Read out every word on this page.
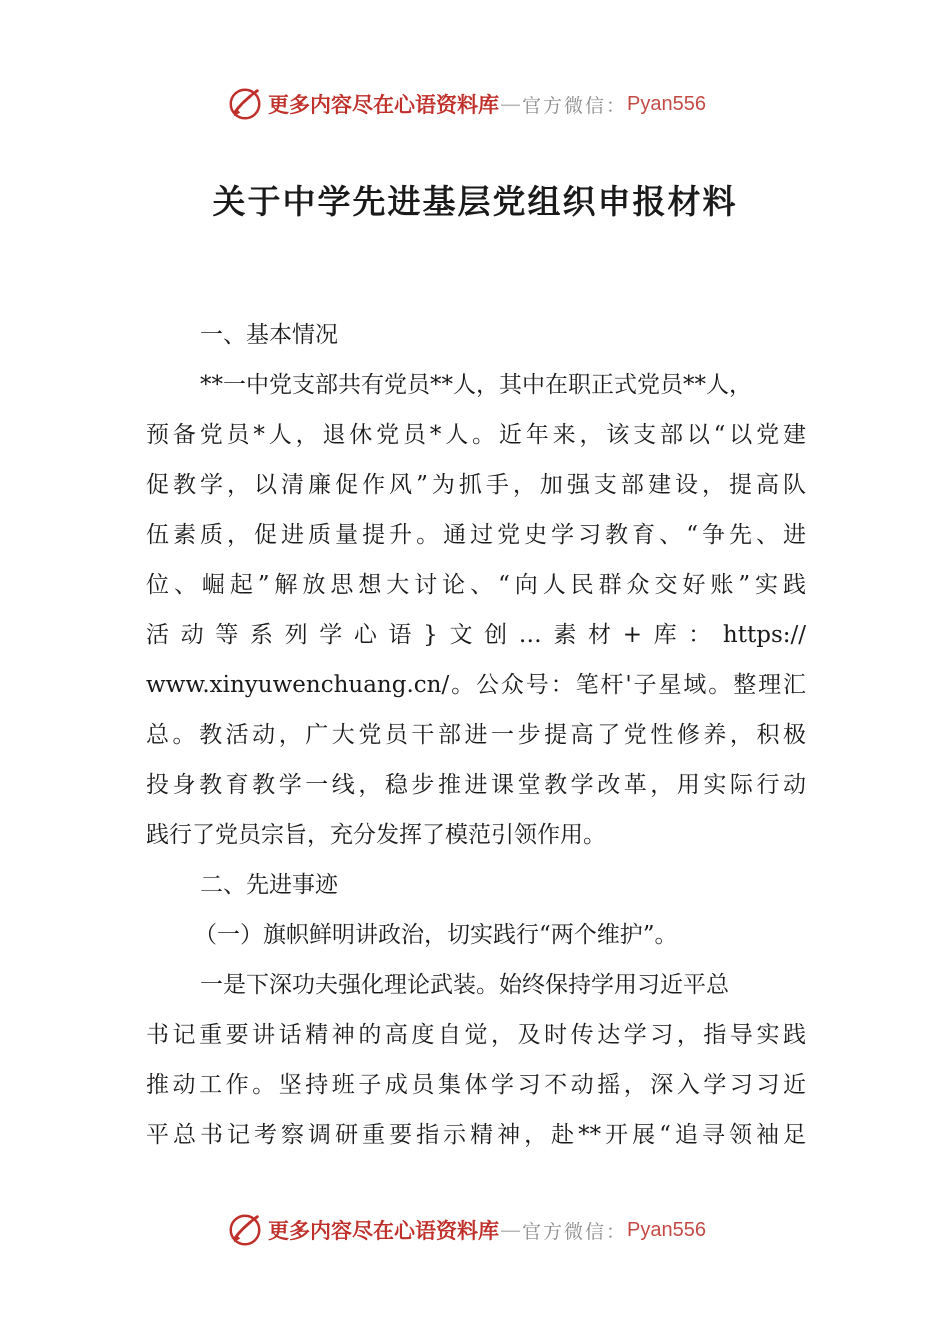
更多内容尽在心语资料库 — 官方微信： Pyan556
关于中学先进基层党组织申报材料
一、基本情况
**一中党支部共有党员**人，其中在职正式党员**人，
预备党员*人，退休党员*人。近年来，该支部以“以党建
促教学，以清廉促作风”为抓手，加强支部建设，提高队
伍素质，促进质量提升。通过党史学习教育、“争先、进
位、崛起”解放思想大讨论、“向人民群众交好账”实践
活动等系列学心语}文创…素材+库：https://
www.xinyuwenchuang.cn/。公众号：笔杆'子星域。整理汇
总。教活动，广大党员干部进一步提高了党性修养，积极
投身教育教学一线，稳步推进课堂教学改革，用实际行动
践行了党员宗旨，充分发挥了模范引领作用。
二、先进事迹
（一）旗帜鲜明讲政治，切实践行“两个维护”。
一是下深功夫强化理论武装。始终保持学用习近平总
书记重要讲话精神的高度自觉，及时传达学习，指导实践
推动工作。坚持班子成员集体学习不动摇，深入学习习近
平总书记考察调研重要指示精神，赴**开展“追寻领袖足
更多内容尽在心语资料库 — 官方微信： Pyan556
